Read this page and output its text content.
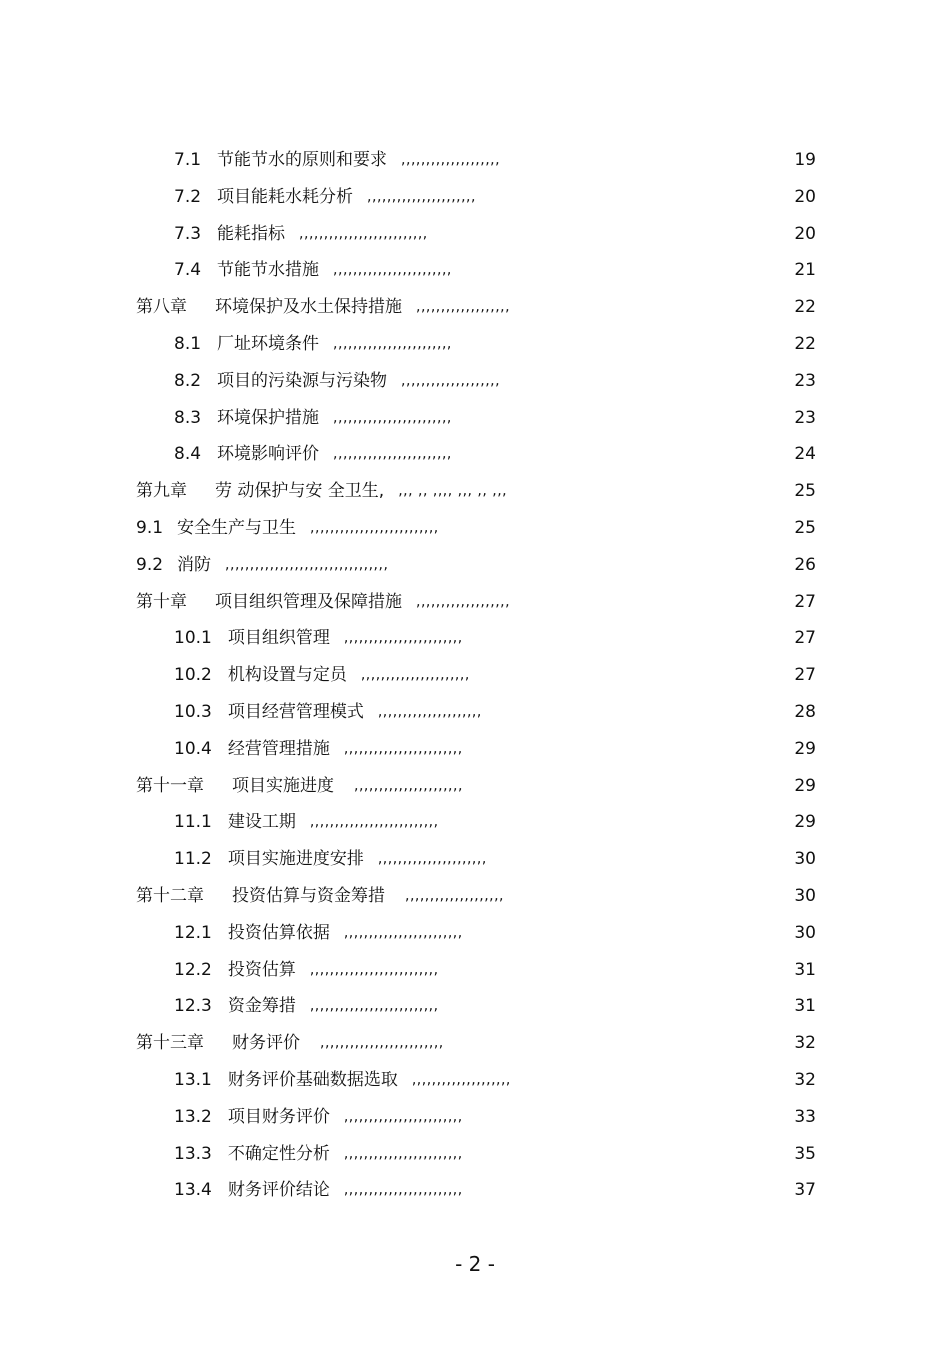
7.1 节能节水的原则和要求 ,,,,,,,,,,,,,,,,,,,,	19
7.2 项目能耗水耗分析 ,,,,,,,,,,,,,,,,,,,,,,	20
7.3 能耗指标 ,,,,,,,,,,,,,,,,,,,,,,,,,,	20
7.4 节能节水措施 ,,,,,,,,,,,,,,,,,,,,,,,,	21
第八章 环境保护及水土保持措施 ,,,,,,,,,,,,,,,,,,,	22
8.1 厂址环境条件 ,,,,,,,,,,,,,,,,,,,,,,,,	22
8.2 项目的污染源与污染物 ,,,,,,,,,,,,,,,,,,,,	23
8.3 环境保护措施 ,,,,,,,,,,,,,,,,,,,,,,,,	23
8.4 环境影响评价 ,,,,,,,,,,,,,,,,,,,,,,,,	24
第九章 劳 动保护与安 全卫生, ,,, ,, ,,,, ,,, ,, ,,,	25
9.1 安全生产与卫生 ,,,,,,,,,,,,,,,,,,,,,,,,,,	25
9.2 消防 ,,,,,,,,,,,,,,,,,,,,,,,,,,,,,,,,,	26
第十章 项目组织管理及保障措施 ,,,,,,,,,,,,,,,,,,,	27
10.1 项目组织管理 ,,,,,,,,,,,,,,,,,,,,,,,,	27
10.2 机构设置与定员 ,,,,,,,,,,,,,,,,,,,,,,	27
10.3 项目经营管理模式 ,,,,,,,,,,,,,,,,,,,,,	28
10.4 经营管理措施 ,,,,,,,,,,,,,,,,,,,,,,,,	29
第十一章 项目实施进度 ,,,,,,,,,,,,,,,,,,,,,,	29
11.1 建设工期 ,,,,,,,,,,,,,,,,,,,,,,,,,,	29
11.2 项目实施进度安排 ,,,,,,,,,,,,,,,,,,,,,,	30
第十二章 投资估算与资金筹措 ,,,,,,,,,,,,,,,,,,,,	30
12.1 投资估算依据 ,,,,,,,,,,,,,,,,,,,,,,,,	30
12.2 投资估算 ,,,,,,,,,,,,,,,,,,,,,,,,,,	31
12.3 资金筹措 ,,,,,,,,,,,,,,,,,,,,,,,,,,	31
第十三章 财务评价 ,,,,,,,,,,,,,,,,,,,,,,,,,	32
13.1 财务评价基础数据选取 ,,,,,,,,,,,,,,,,,,,,	32
13.2 项目财务评价 ,,,,,,,,,,,,,,,,,,,,,,,,	33
13.3 不确定性分析 ,,,,,,,,,,,,,,,,,,,,,,,,	35
13.4 财务评价结论 ,,,,,,,,,,,,,,,,,,,,,,,,	37
- 2 -
